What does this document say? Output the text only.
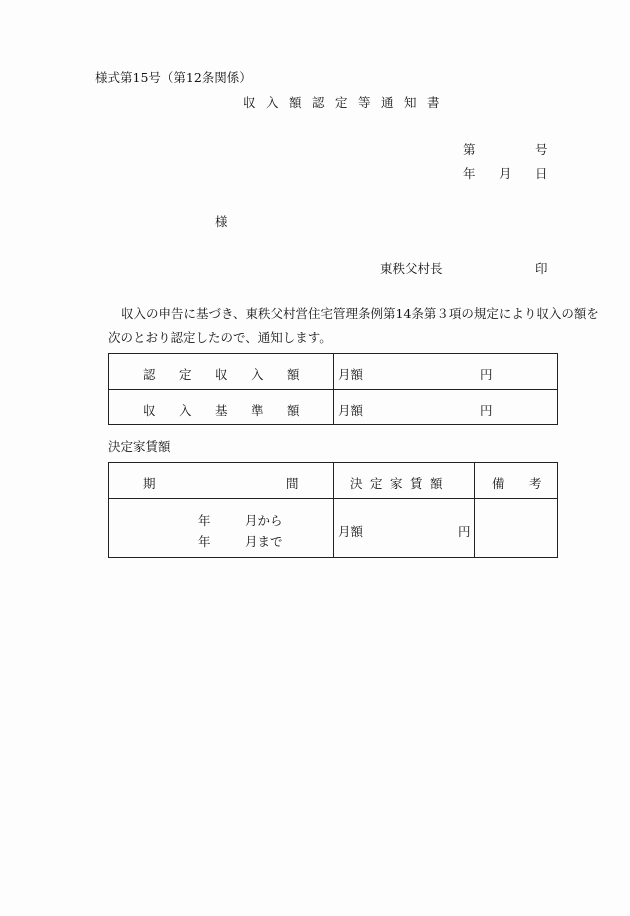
様式第15号（第12条関係）
収入額認定等通知書
第	号
年 月 日
様
東秩父村長	印
収入の申告に基づき、東秩父村営住宅管理条例第14条第３項の規定により収入の額を
次のとおり認定したので、通知します。
認 定 収 入 額	月額 円

収 入 基 準 額	月額 円
決定家賃額
期 間	決定家賃額	備 考

年 月から
年 月まで	月額 円	
